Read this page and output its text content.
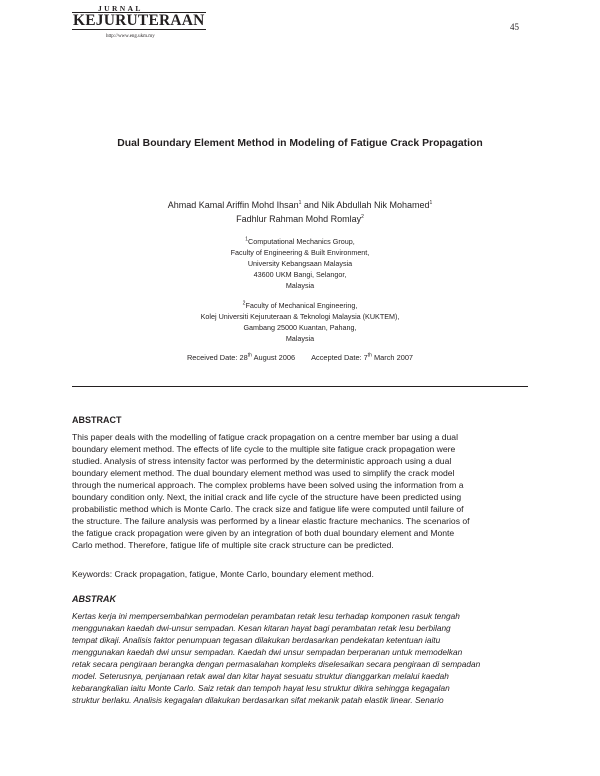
JURNAL
KEJURUTERAAN
http://www.eng.ukm.my
45
Dual Boundary Element Method in Modeling of Fatigue Crack Propagation
Ahmad Kamal Ariffin Mohd Ihsan$^1$ and Nik Abdullah Nik Mohamed$^1$
Fadhlur Rahman Mohd Romlay$^2$
$^1$Computational Mechanics Group,
Faculty of Engineering & Built Environment,
University Kebangsaan Malaysia
43600 UKM Bangi, Selangor,
Malaysia
$^2$Faculty of Mechanical Engineering,
Kolej Universiti Kejuruteraan & Teknologi Malaysia (KUKTEM),
Gambang 25000 Kuantan, Pahang,
Malaysia
Received Date: 28th August 2006 Accepted Date: 7th March 2007
ABSTRACT
This paper deals with the modelling of fatigue crack propagation on a centre member bar using a dual
boundary element method. The effects of life cycle to the multiple site fatigue crack propagation were
studied. Analysis of stress intensity factor was performed by the deterministic approach using a dual
boundary element method. The dual boundary element method was used to simplify the crack model
through the numerical approach. The complex problems have been solved using the information from a
boundary condition only. Next, the initial crack and life cycle of the structure have been predicted using
probabilistic method which is Monte Carlo. The crack size and fatigue life were computed until failure of
the structure. The failure analysis was performed by a linear elastic fracture mechanics. The scenarios of
the fatigue crack propagation were given by an integration of both dual boundary element and Monte
Carlo method. Therefore, fatigue life of multiple site crack structure can be predicted.
Keywords: Crack propagation, fatigue, Monte Carlo, boundary element method.
ABSTRAK
Kertas kerja ini mempersembahkan permodelan perambatan retak lesu terhadap komponen rasuk tengah
menggunakan kaedah dwi-unsur sempadan. Kesan kitaran hayat bagi perambatan retak lesu berbilang
tempat dikaji. Analisis faktor penumpuan tegasan dilakukan berdasarkan pendekatan ketentuan iaitu
menggunakan kaedah dwi unsur sempadan. Kaedah dwi unsur sempadan berperanan untuk memodelkan
retak secara pengiraan berangka dengan permasalahan kompleks diselesaikan secara pengiraan di sempadan
model. Seterusnya, penjanaan retak awal dan kitar hayat sesuatu struktur dianggarkan melalui kaedah
kebarangkalian iaitu Monte Carlo. Saiz retak dan tempoh hayat lesu struktur dikira sehingga kegagalan
struktur berlaku. Analisis kegagalan dilakukan berdasarkan sifat mekanik patah elastik linear. Senario
